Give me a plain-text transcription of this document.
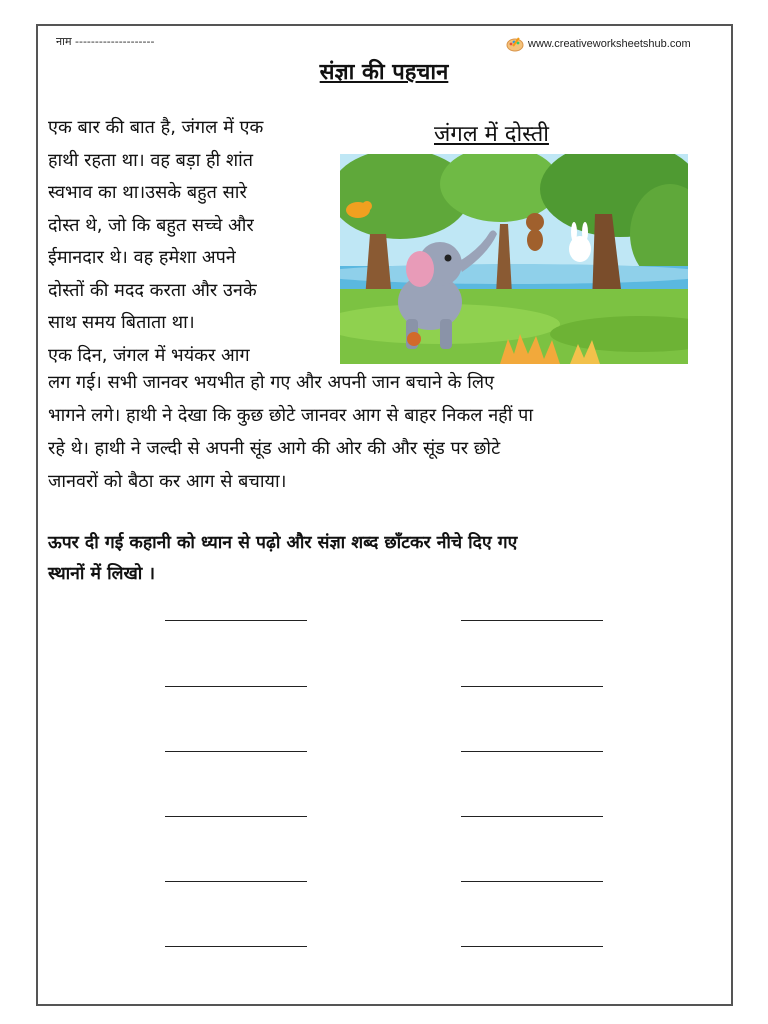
नाम --------------------	www.creativeworksheetshub.com
संज्ञा की पहचान
एक बार की बात है, जंगल में एक
हाथी रहता था। वह बड़ा ही शांत
स्वभाव का था।उसके बहुत सारे
दोस्त थे, जो कि बहुत सच्चे और
ईमानदार थे। वह हमेशा अपने
दोस्तों की मदद करता और उनके
साथ समय बिताता था।
एक दिन, जंगल में भयंकर आग
जंगल में दोस्ती
लग गई। सभी जानवर भयभीत हो गए और अपनी जान बचाने के लिए
भागने लगे। हाथी ने देखा कि कुछ छोटे जानवर आग से बाहर निकल नहीं पा
रहे थे। हाथी ने जल्दी से अपनी सूंड आगे की ओर की और सूंड पर छोटे
जानवरों को बैठा कर आग से बचाया।
ऊपर दी गई कहानी को ध्यान से पढ़ो और संज्ञा शब्द छाँटकर नीचे दिए गए
स्थानों में लिखो ।
